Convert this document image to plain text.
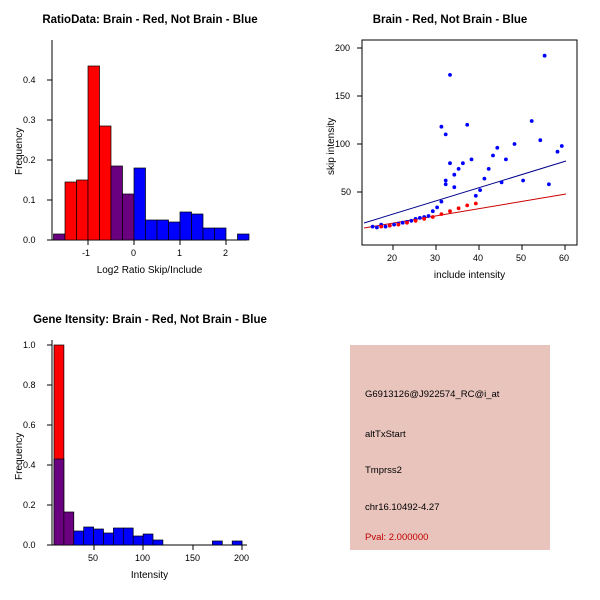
RatioData: Brain - Red, Not Brain - Blue
0.0
0.1
0.2
0.3
0.4
-1	0	1	2
Log2 Ratio Skip/Include
Frequency
Brain - Red, Not Brain - Blue
200
150
100
50
20	30	40	50	60
include intensity
skip intensity
Gene Itensity: Brain - Red, Not Brain - Blue
0.0
0.2
0.4
0.6
0.8
1.0
50	100	150	200
Intensity
Frequency
G6913126@J922574_RC@i_at
altTxStart
Tmprss2
chr16.10492-4.27
Pval: 2.000000
